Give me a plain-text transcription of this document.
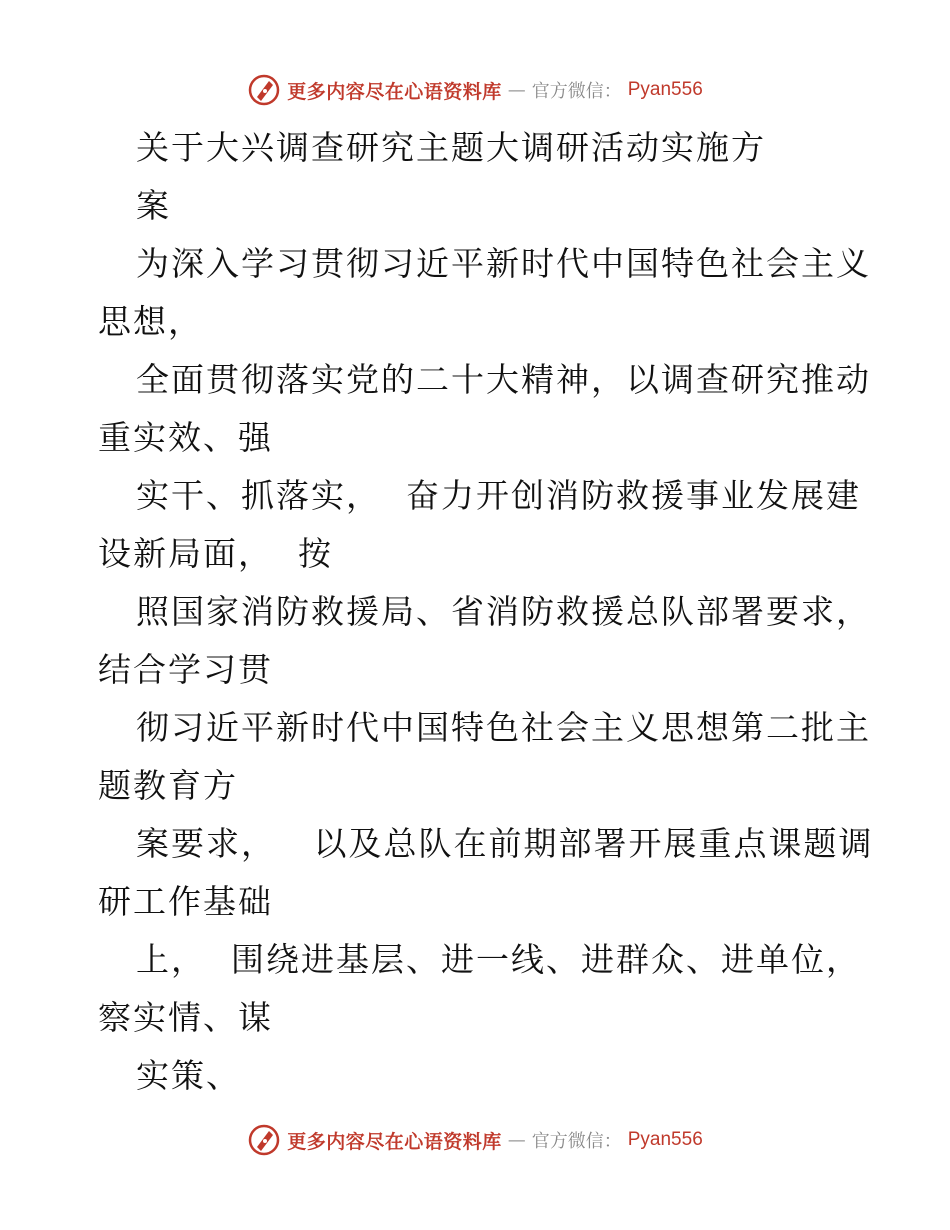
更多内容尽在心语资料库 — 官方微信： Pyan556
关于大兴调查研究主题大调研活动实施方
案
为深入学习贯彻习近平新时代中国特色社会主义
思想，
全面贯彻落实党的二十大精神，以调查研究推动
重实效、强
实干、抓落实，  奋力开创消防救援事业发展建
设新局面，  按
照国家消防救援局、省消防救援总队部署要求，
结合学习贯
彻习近平新时代中国特色社会主义思想第二批主
题教育方
案要求，   以及总队在前期部署开展重点课题调
研工作基础
上，  围绕进基层、进一线、进群众、进单位，
察实情、谋
实策、
更多内容尽在心语资料库 — 官方微信： Pyan556
